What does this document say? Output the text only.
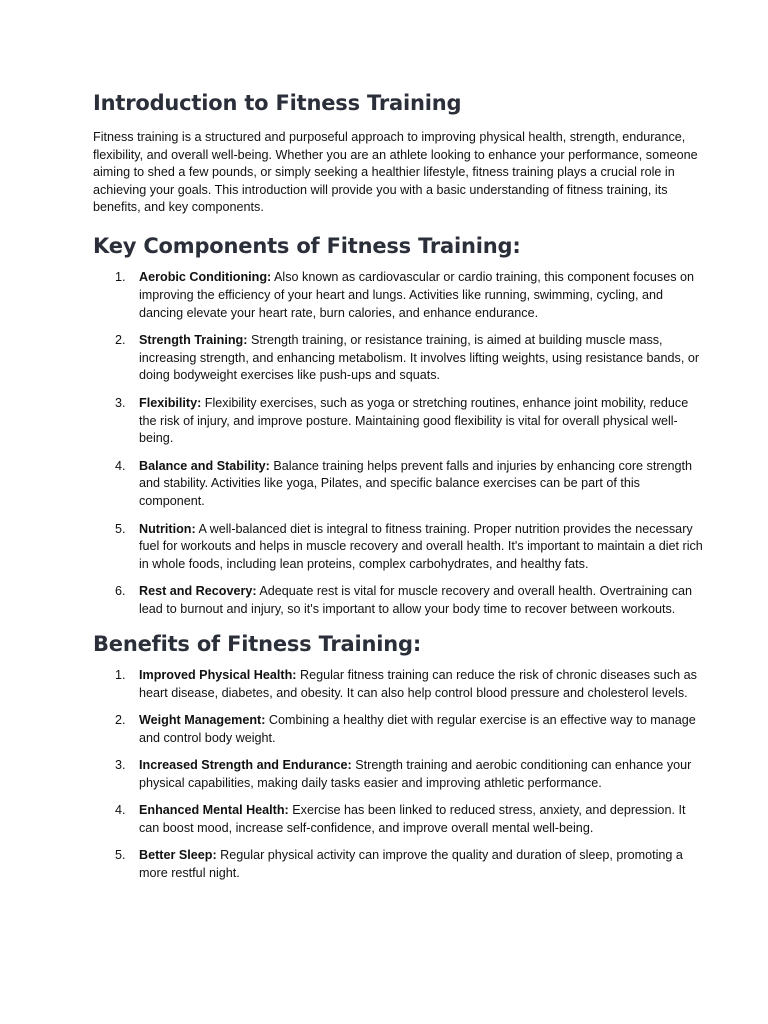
Introduction to Fitness Training

Fitness training is a structured and purposeful approach to improving physical health, strength, endurance, flexibility, and overall well-being. Whether you are an athlete looking to enhance your performance, someone aiming to shed a few pounds, or simply seeking a healthier lifestyle, fitness training plays a crucial role in achieving your goals. This introduction will provide you with a basic understanding of fitness training, its benefits, and key components.

Key Components of Fitness Training:
1. Aerobic Conditioning: Also known as cardiovascular or cardio training, this component focuses on improving the efficiency of your heart and lungs. Activities like running, swimming, cycling, and dancing elevate your heart rate, burn calories, and enhance endurance.
2. Strength Training: Strength training, or resistance training, is aimed at building muscle mass, increasing strength, and enhancing metabolism. It involves lifting weights, using resistance bands, or doing bodyweight exercises like push-ups and squats.
3. Flexibility: Flexibility exercises, such as yoga or stretching routines, enhance joint mobility, reduce the risk of injury, and improve posture. Maintaining good flexibility is vital for overall physical well-being.
4. Balance and Stability: Balance training helps prevent falls and injuries by enhancing core strength and stability. Activities like yoga, Pilates, and specific balance exercises can be part of this component.
5. Nutrition: A well-balanced diet is integral to fitness training. Proper nutrition provides the necessary fuel for workouts and helps in muscle recovery and overall health. It's important to maintain a diet rich in whole foods, including lean proteins, complex carbohydrates, and healthy fats.
6. Rest and Recovery: Adequate rest is vital for muscle recovery and overall health. Overtraining can lead to burnout and injury, so it's important to allow your body time to recover between workouts.
Benefits of Fitness Training:
1. Improved Physical Health: Regular fitness training can reduce the risk of chronic diseases such as heart disease, diabetes, and obesity. It can also help control blood pressure and cholesterol levels.
2. Weight Management: Combining a healthy diet with regular exercise is an effective way to manage and control body weight.
3. Increased Strength and Endurance: Strength training and aerobic conditioning can enhance your physical capabilities, making daily tasks easier and improving athletic performance.
4. Enhanced Mental Health: Exercise has been linked to reduced stress, anxiety, and depression. It can boost mood, increase self-confidence, and improve overall mental well-being.
5. Better Sleep: Regular physical activity can improve the quality and duration of sleep, promoting a more restful night.
